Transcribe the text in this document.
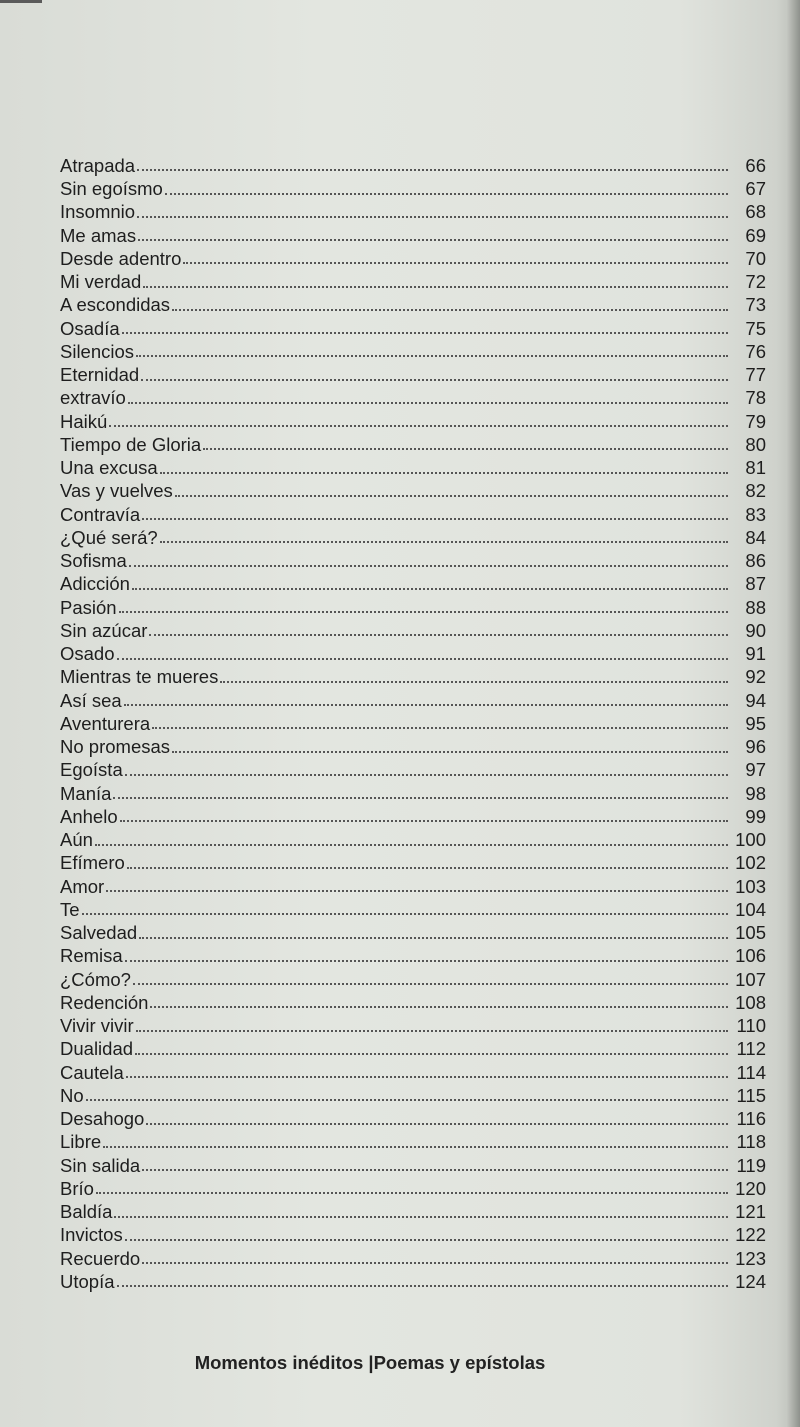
Atrapada	66
Sin egoísmo	67
Insomnio	68
Me amas	69
Desde adentro	70
Mi verdad	72
A escondidas	73
Osadía	75
Silencios	76
Eternidad	77
extravío	78
Haikú	79
Tiempo de Gloria	80
Una excusa	81
Vas y vuelves	82
Contravía	83
¿Qué será?	84
Sofisma	86
Adicción	87
Pasión	88
Sin azúcar	90
Osado	91
Mientras te mueres	92
Así sea	94
Aventurera	95
No promesas	96
Egoísta	97
Manía	98
Anhelo	99
Aún	100
Efímero	102
Amor	103
Te	104
Salvedad	105
Remisa	106
¿Cómo?	107
Redención	108
Vivir vivir	110
Dualidad	112
Cautela	114
No	115
Desahogo	116
Libre	118
Sin salida	119
Brío	120
Baldía	121
Invictos	122
Recuerdo	123
Utopía	124
Momentos inéditos |Poemas y epístolas
